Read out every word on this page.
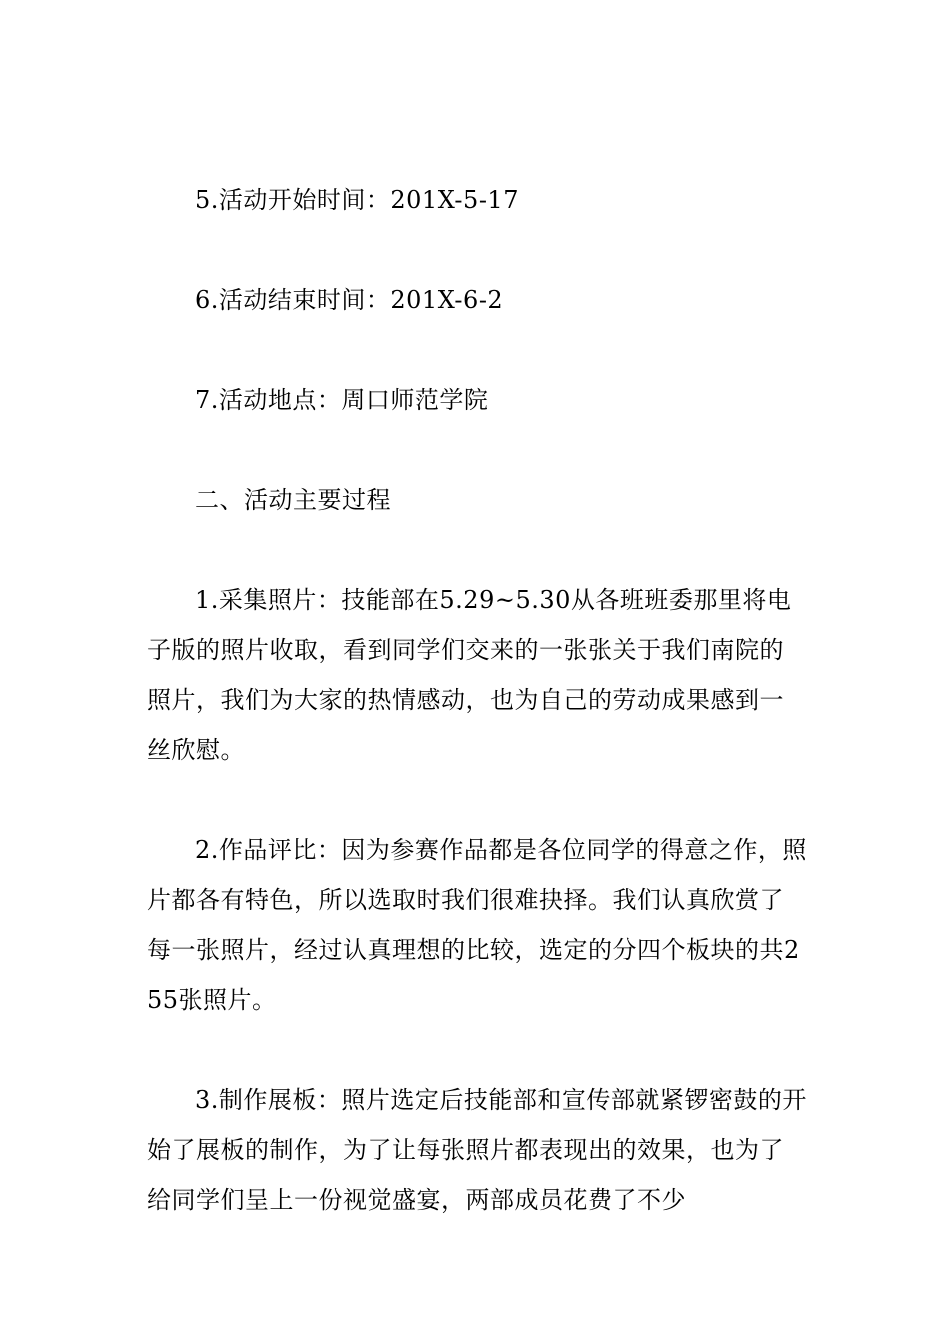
5.活动开始时间：201X-5-17
6.活动结束时间：201X-6-2
7.活动地点：周口师范学院
二、活动主要过程
1.采集照片：技能部在5.29~5.30从各班班委那里将电子版的照片收取，看到同学们交来的一张张关于我们南院的照片，我们为大家的热情感动，也为自己的劳动成果感到一丝欣慰。
2.作品评比：因为参赛作品都是各位同学的得意之作，照片都各有特色，所以选取时我们很难抉择。我们认真欣赏了每一张照片，经过认真理想的比较，选定的分四个板块的共255张照片。
3.制作展板：照片选定后技能部和宣传部就紧锣密鼓的开始了展板的制作，为了让每张照片都表现出的效果，也为了给同学们呈上一份视觉盛宴，两部成员花费了不少
